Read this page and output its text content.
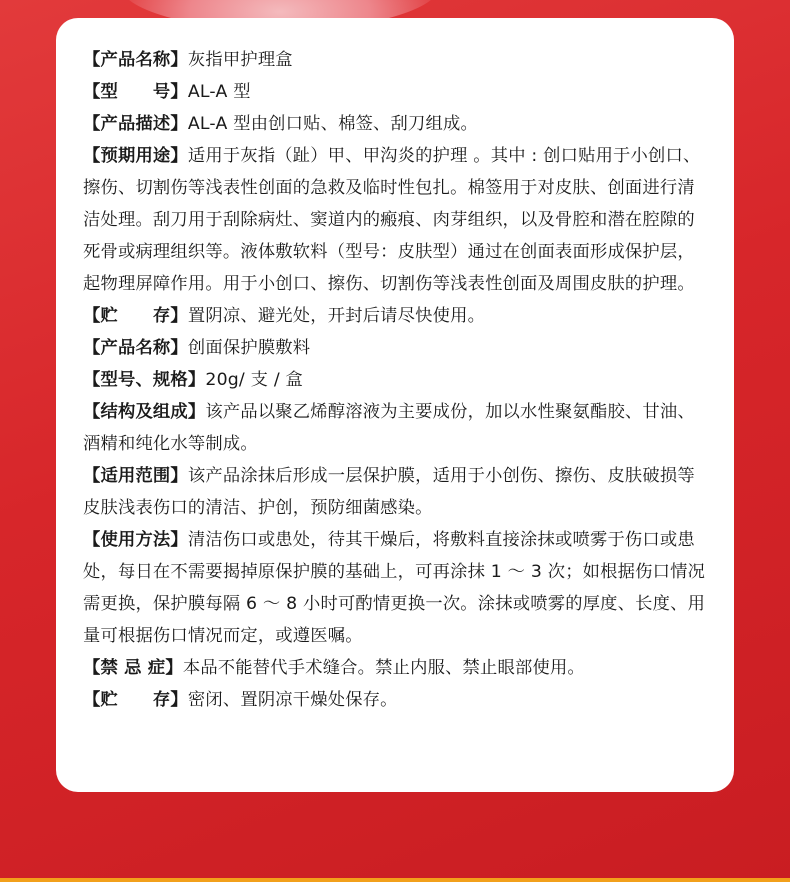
【产品名称】灰指甲护理盒

【型　　号】AL-A 型

【产品描述】AL-A 型由创口贴、棉签、刮刀组成。

【预期用途】适用于灰指（趾）甲、甲沟炎的护理 。其中 : 创口贴用于小创口、擦伤、切割伤等浅表性创面的急救及临时性包扎。棉签用于对皮肤、创面进行清洁处理。刮刀用于刮除病灶、窦道内的瘢痕、肉芽组织，以及骨腔和潜在腔隙的死骨或病理组织等。液体敷软料（型号：皮肤型）通过在创面表面形成保护层，起物理屏障作用。用于小创口、擦伤、切割伤等浅表性创面及周围皮肤的护理。

【贮　　存】置阴凉、避光处，开封后请尽快使用。

【产品名称】创面保护膜敷料

【型号、规格】20g/ 支 / 盒

【结构及组成】该产品以聚乙烯醇溶液为主要成份，加以水性聚氨酯胶、甘油、酒精和纯化水等制成。

【适用范围】该产品涂抹后形成一层保护膜，适用于小创伤、擦伤、皮肤破损等皮肤浅表伤口的清洁、护创，预防细菌感染。

【使用方法】清洁伤口或患处，待其干燥后，将敷料直接涂抹或喷雾于伤口或患处，每日在不需要揭掉原保护膜的基础上，可再涂抹 1 ～ 3 次；如根据伤口情况需更换，保护膜每隔 6 ～ 8 小时可酌情更换一次。涂抹或喷雾的厚度、长度、用量可根据伤口情况而定，或遵医嘱。

【禁 忌 症】本品不能替代手术缝合。禁止内服、禁止眼部使用。

【贮　　存】密闭、置阴凉干燥处保存。
